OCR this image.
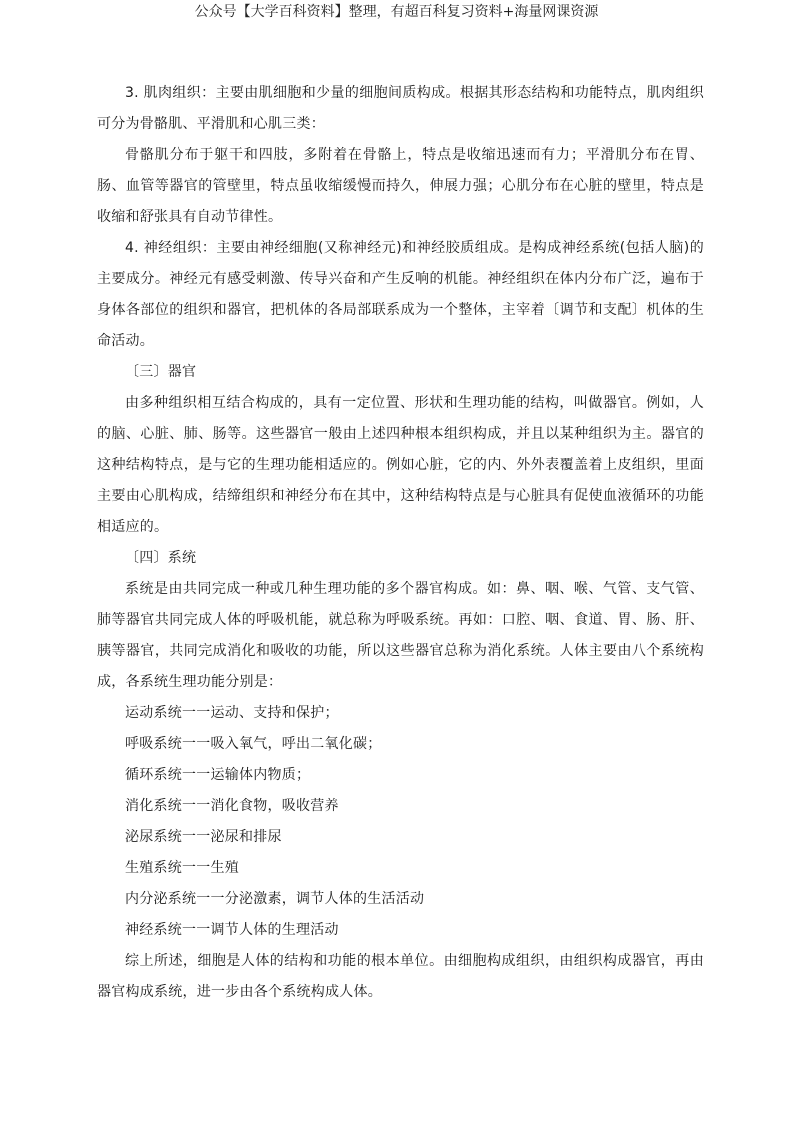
公众号【大学百科资料】整理，有超百科复习资料+海量网课资源

3. 肌肉组织：主要由肌细胞和少量的细胞间质构成。根据其形态结构和功能特点，肌肉组织可分为骨骼肌、平滑肌和心肌三类：

骨骼肌分布于躯干和四肢，多附着在骨骼上，特点是收缩迅速而有力；平滑肌分布在胃、肠、血管等器官的管壁里，特点虽收缩缓慢而持久，伸展力强；心肌分布在心脏的壁里，特点是收缩和舒张具有自动节律性。

4. 神经组织：主要由神经细胞(又称神经元)和神经胶质组成。是构成神经系统(包括人脑)的主要成分。神经元有感受刺激、传导兴奋和产生反响的机能。神经组织在体内分布广泛，遍布于身体各部位的组织和器官，把机体的各局部联系成为一个整体，主宰着〔调节和支配〕机体的生命活动。

〔三〕器官

由多种组织相互结合构成的，具有一定位置、形状和生理功能的结构，叫做器官。例如，人的脑、心脏、肺、肠等。这些器官一般由上述四种根本组织构成，并且以某种组织为主。器官的这种结构特点，是与它的生理功能相适应的。例如心脏，它的内、外外表覆盖着上皮组织，里面主要由心肌构成，结缔组织和神经分布在其中，这种结构特点是与心脏具有促使血液循环的功能相适应的。

〔四〕系统

系统是由共同完成一种或几种生理功能的多个器官构成。如：鼻、咽、喉、气管、支气管、肺等器官共同完成人体的呼吸机能，就总称为呼吸系统。再如：口腔、咽、食道、胃、肠、肝、胰等器官，共同完成消化和吸收的功能，所以这些器官总称为消化系统。人体主要由八个系统构成，各系统生理功能分别是：

运动系统一一运动、支持和保护；

呼吸系统一一吸入氧气，呼出二氧化碳；

循环系统一一运输体内物质；

消化系统一一消化食物，吸收营养

泌尿系统一一泌尿和排尿

生殖系统一一生殖

内分泌系统一一分泌激素，调节人体的生活活动

神经系统一一调节人体的生理活动

综上所述，细胞是人体的结构和功能的根本单位。由细胞构成组织，由组织构成器官，再由器官构成系统，进一步由各个系统构成人体。
